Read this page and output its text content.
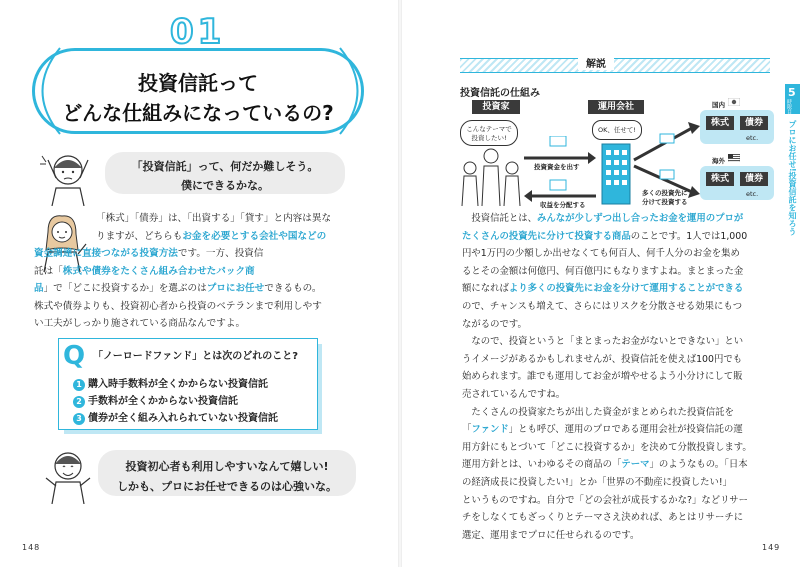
01
投資信託って
どんな仕組みになっているの?
「投資信託」って、何だか難しそう。
僕にできるかな。
「株式」「債券」は、「出資する」「貸す」と内容は異な
りますが、どちらもお金を必要とする会社や国などの
資金調達に直接つながる投資方法です。一方、投資信
託は「株式や債券をたくさん組み合わせたパック商
品」で「どこに投資するか」を選ぶのはプロにお任せできるもの。
株式や債券よりも、投資初心者から投資のベテランまで利用しやす
い工夫がしっかり施されている商品なんですよ。
Q 「ノーロードファンド」とは次のどれのこと?
1 購入時手数料が全くかからない投資信託
2 手数料が全くかからない投資信託
3 債券が全く組み入れられていない投資信託
投資初心者も利用しやすいなんて嬉しい!
しかも、プロにお任せできるのは心強いな。
148
解説
投資信託の仕組み
投資家	運用会社
こんなテーマで
投資したい!
OK、任せて!
投資資金を出す
収益を分配する
多くの投資先に
分けて投資する
国内
株式	債券
etc.
海外
株式	債券
etc.
投資信託とは、みんなが少しずつ出し合ったお金を運用のプロが
たくさんの投資先に分けて投資する商品のことです。1人では1,000
円や1万円の少額しか出せなくても何百人、何千人分のお金を集め
るとその金額は何億円、何百億円にもなりますよね。まとまった金
額になればより多くの投資先にお金を分けて運用することができる
ので、チャンスも増えて、さらにはリスクを分散させる効果にもつ
ながるのです。
なので、投資というと「まとまったお金がないとできない」とい
うイメージがあるかもしれませんが、投資信託を使えば100円でも
始められます。誰でも運用してお金が増やせるよう小分けにして販
売されているんですね。
たくさんの投資家たちが出した資金がまとめられた投資信託を
「ファンド」とも呼び、運用のプロである運用会社が投資信託の運
用方針にもとづいて「どこに投資するか」を決めて分散投資します。
運用方針とは、いわゆるその商品の「テーマ」のようなもの。「日本
の経済成長に投資したい!」とか「世界の不動産に投資したい!」
というものですね。自分で「どの会社が成長するかな?」などリサー
チをしなくてもざっくりとテーマさえ決めれば、あとはリサーチに
選定、運用までプロに任せられるのです。
5
時限目
プロにお任せ!投資信託を知ろう
149
